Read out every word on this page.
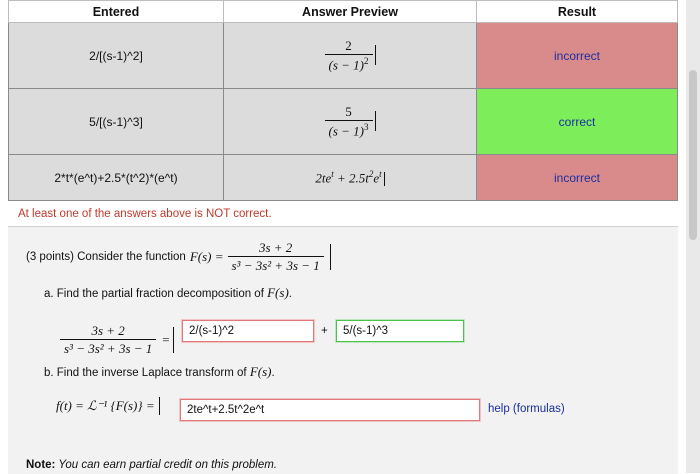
Entered	Answer Preview	Result
2/[(s-1)^2]	$\frac{2}{(s - 1)^2}$	incorrect
5/[(s-1)^3]	$\frac{5}{(s - 1)^3}$	correct
2*t*(e^t)+2.5*(t^2)*(e^t)	$2te^t + 2.5t^2e^t$	incorrect
At least one of the answers above is NOT correct.
(3 points) Consider the function $F(s) = \frac{3s + 2}{\text{s³ − 3s² + 3s − 1}}$
a. Find the partial fraction decomposition of F(s).
$\frac{3s + 2}{\text{s³ − 3s² + 3s − 1}}$ =
2/(s-1)^2	+	5/(s-1)^3
b. Find the inverse Laplace transform of F(s).
f(t) = ℒ⁻¹ {F(s)} =	2te^t+2.5t^2e^t	help (formulas)
Note: You can earn partial credit on this problem.
